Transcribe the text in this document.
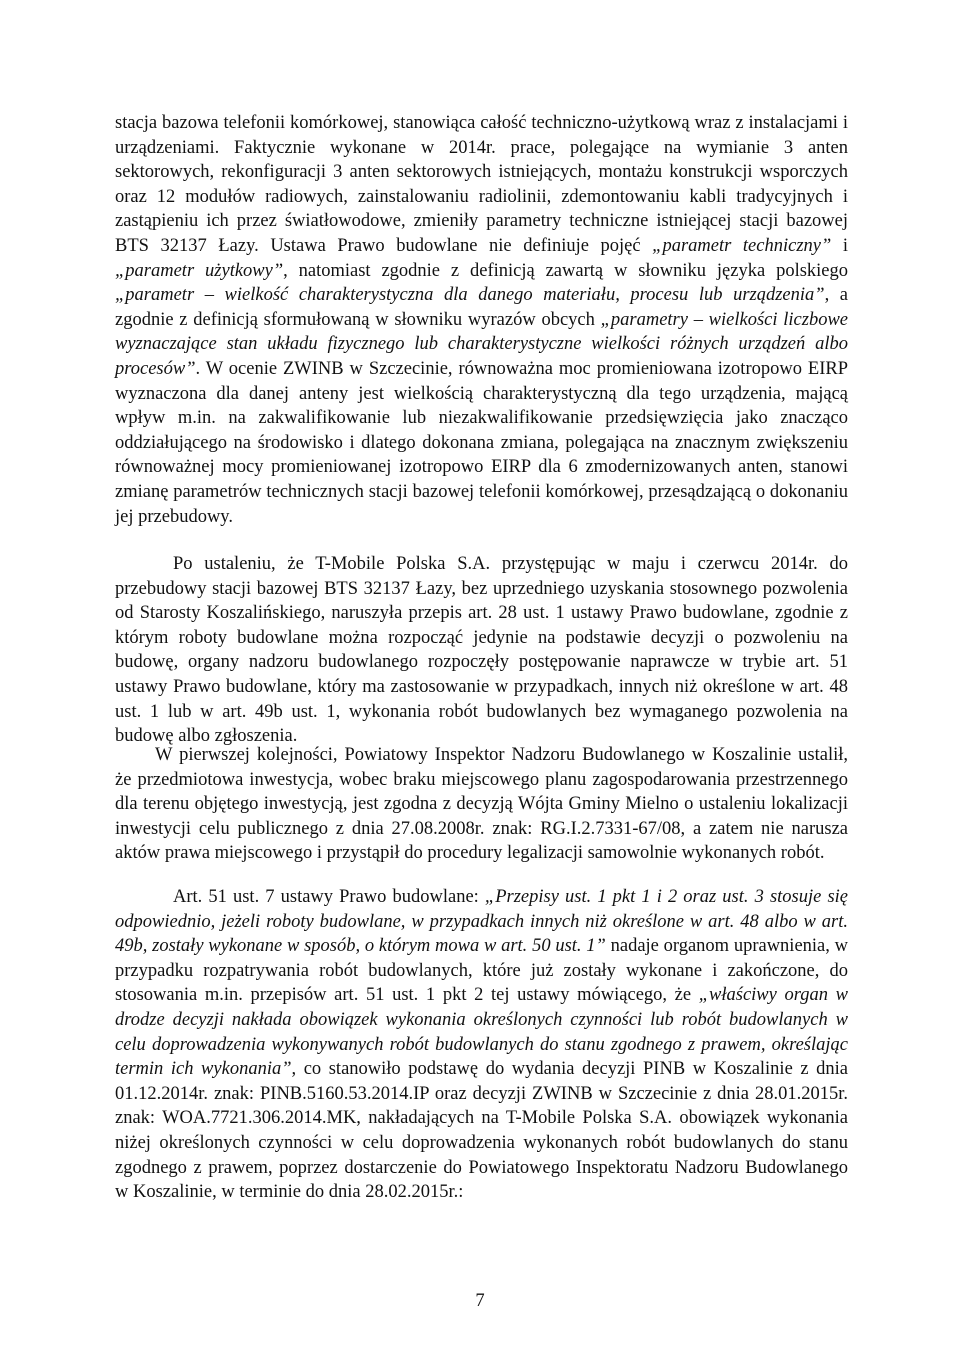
stacja bazowa telefonii komórkowej, stanowiąca całość techniczno-użytkową wraz z instalacjami i urządzeniami. Faktycznie wykonane w 2014r. prace, polegające na wymianie 3 anten sektorowych, rekonfiguracji 3 anten sektorowych istniejących, montażu konstrukcji wsporczych oraz 12 modułów radiowych, zainstalowaniu radiolinii, zdemontowaniu kabli tradycyjnych i zastąpieniu ich przez światłowodowe, zmieniły parametry techniczne istniejącej stacji bazowej BTS 32137 Łazy. Ustawa Prawo budowlane nie definiuje pojęć „parametr techniczny” i „parametr użytkowy”, natomiast zgodnie z definicją zawartą w słowniku języka polskiego „parametr – wielkość charakterystyczna dla danego materiału, procesu lub urządzenia”, a zgodnie z definicją sformułowaną w słowniku wyrazów obcych „parametry – wielkości liczbowe wyznaczające stan układu fizycznego lub charakterystyczne wielkości różnych urządzeń albo procesów”. W ocenie ZWINB w Szczecinie, równoważna moc promieniowana izotropowo EIRP wyznaczona dla danej anteny jest wielkością charakterystyczną dla tego urządzenia, mającą wpływ m.in. na zakwalifikowanie lub niezakwalifikowanie przedsięwzięcia jako znacząco oddziałującego na środowisko i dlatego dokonana zmiana, polegająca na znacznym zwiększeniu równoważnej mocy promieniowanej izotropowo EIRP dla 6 zmodernizowanych anten, stanowi zmianę parametrów technicznych stacji bazowej telefonii komórkowej, przesądzającą o dokonaniu jej przebudowy.

Po ustaleniu, że T-Mobile Polska S.A. przystępując w maju i czerwcu 2014r. do przebudowy stacji bazowej BTS 32137 Łazy, bez uprzedniego uzyskania stosownego pozwolenia od Starosty Koszalińskiego, naruszyła przepis art. 28 ust. 1 ustawy Prawo budowlane, zgodnie z którym roboty budowlane można rozpocząć jedynie na podstawie decyzji o pozwoleniu na budowę, organy nadzoru budowlanego rozpoczęły postępowanie naprawcze w trybie art. 51 ustawy Prawo budowlane, który ma zastosowanie w przypadkach, innych niż określone w art. 48 ust. 1 lub w art. 49b ust. 1, wykonania robót budowlanych bez wymaganego pozwolenia na budowę albo zgłoszenia.

W pierwszej kolejności, Powiatowy Inspektor Nadzoru Budowlanego w Koszalinie ustalił, że przedmiotowa inwestycja, wobec braku miejscowego planu zagospodarowania przestrzennego dla terenu objętego inwestycją, jest zgodna z decyzją Wójta Gminy Mielno o ustaleniu lokalizacji inwestycji celu publicznego z dnia 27.08.2008r. znak: RG.I.2.7331-67/08, a zatem nie narusza aktów prawa miejscowego i przystąpił do procedury legalizacji samowolnie wykonanych robót.

Art. 51 ust. 7 ustawy Prawo budowlane: „Przepisy ust. 1 pkt 1 i 2 oraz ust. 3 stosuje się odpowiednio, jeżeli roboty budowlane, w przypadkach innych niż określone w art. 48 albo w art. 49b, zostały wykonane w sposób, o którym mowa w art. 50 ust. 1” nadaje organom uprawnienia, w przypadku rozpatrywania robót budowlanych, które już zostały wykonane i zakończone, do stosowania m.in. przepisów art. 51 ust. 1 pkt 2 tej ustawy mówiącego, że „właściwy organ w drodze decyzji nakłada obowiązek wykonania określonych czynności lub robót budowlanych w celu doprowadzenia wykonywanych robót budowlanych do stanu zgodnego z prawem, określając termin ich wykonania”, co stanowiło podstawę do wydania decyzji PINB w Koszalinie z dnia 01.12.2014r. znak: PINB.5160.53.2014.IP oraz decyzji ZWINB w Szczecinie z dnia 28.01.2015r. znak: WOA.7721.306.2014.MK, nakładających na T-Mobile Polska S.A. obowiązek wykonania niżej określonych czynności w celu doprowadzenia wykonanych robót budowlanych do stanu zgodnego z prawem, poprzez dostarczenie do Powiatowego Inspektoratu Nadzoru Budowlanego w Koszalinie, w terminie do dnia 28.02.2015r.:

7
